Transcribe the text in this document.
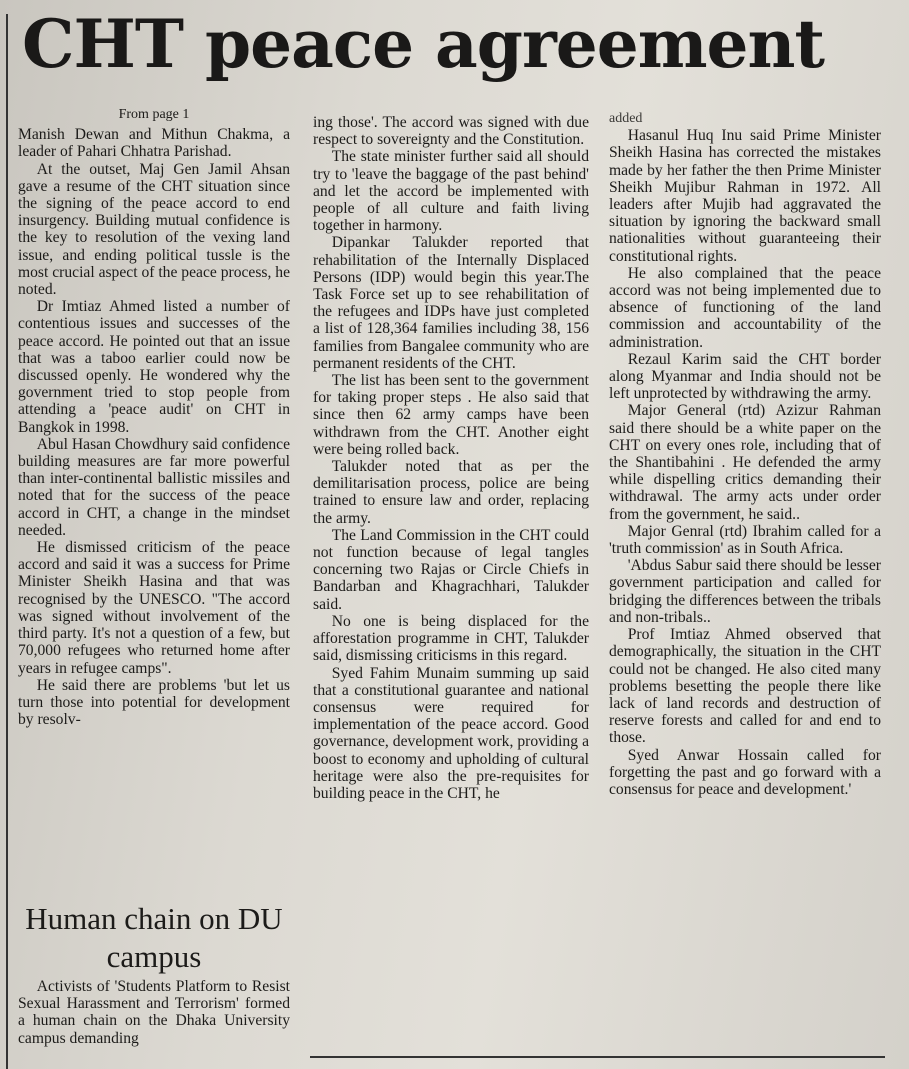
CHT peace agreement
From page 1

Manish Dewan and Mithun Chakma, a leader of Pahari Chhatra Parishad.

At the outset, Maj Gen Jamil Ahsan gave a resume of the CHT situation since the signing of the peace accord to end insurgency. Building mutual confidence is the key to resolution of the vexing land issue, and ending political tussle is the most crucial aspect of the peace process, he noted.

Dr Imtiaz Ahmed listed a number of contentious issues and successes of the peace accord. He pointed out that an issue that was a taboo earlier could now be discussed openly. He wondered why the government tried to stop people from attending a 'peace audit' on CHT in Bangkok in 1998.

Abul Hasan Chowdhury said confidence building measures are far more powerful than inter-continental ballistic missiles and noted that for the success of the peace accord in CHT, a change in the mindset needed.

He dismissed criticism of the peace accord and said it was a success for Prime Minister Sheikh Hasina and that was recognised by the UNESCO. "The accord was signed without involvement of the third party. It's not a question of a few, but 70,000 refugees who returned home after years in refugee camps".

He said there are problems 'but let us turn those into potential for development by resolv-

Human chain on DU campus

Activists of 'Students Platform to Resist Sexual Harassment and Terrorism' formed a human chain on the Dhaka University campus demanding

ing those'. The accord was signed with due respect to sovereignty and the Constitution.

The state minister further said all should try to 'leave the baggage of the past behind' and let the accord be implemented with people of all culture and faith living together in harmony.

Dipankar Talukder reported that rehabilitation of the Internally Displaced Persons (IDP) would begin this year.The Task Force set up to see rehabilitation of the refugees and IDPs have just completed a list of 128,364 families including 38, 156 families from Bangalee community who are permanent residents of the CHT.

The list has been sent to the government for taking proper steps . He also said that since then 62 army camps have been withdrawn from the CHT. Another eight were being rolled back.

Talukder noted that as per the demilitarisation process, police are being trained to ensure law and order, replacing the army.

The Land Commission in the CHT could not function because of legal tangles concerning two Rajas or Circle Chiefs in Bandarban and Khagrachhari, Talukder said.

No one is being displaced for the afforestation programme in CHT, Talukder said, dismissing criticisms in this regard.

Syed Fahim Munaim summing up said that a constitutional guarantee and national consensus were required for implementation of the peace accord. Good governance, development work, providing a boost to economy and upholding of cultural heritage were also the pre-requisites for building peace in the CHT, he

added

Hasanul Huq Inu said Prime Minister Sheikh Hasina has corrected the mistakes made by her father the then Prime Minister Sheikh Mujibur Rahman in 1972. All leaders after Mujib had aggravated the situation by ignoring the backward small nationalities without guaranteeing their constitutional rights.

He also complained that the peace accord was not being implemented due to absence of functioning of the land commission and accountability of the administration.

Rezaul Karim said the CHT border along Myanmar and India should not be left unprotected by withdrawing the army.

Major General (rtd) Azizur Rahman said there should be a white paper on the CHT on every ones role, including that of the Shantibahini . He defended the army while dispelling critics demanding their withdrawal. The army acts under order from the government, he said..

Major Genral (rtd) Ibrahim called for a 'truth commission' as in South Africa.

'Abdus Sabur said there should be lesser government participation and called for bridging the differences between the tribals and non-tribals..

Prof Imtiaz Ahmed observed that demographically, the situation in the CHT could not be changed. He also cited many problems besetting the people there like lack of land records and destruction of reserve forests and called for and end to those.

Syed Anwar Hossain called for forgetting the past and go forward with a consensus for peace and development.'
